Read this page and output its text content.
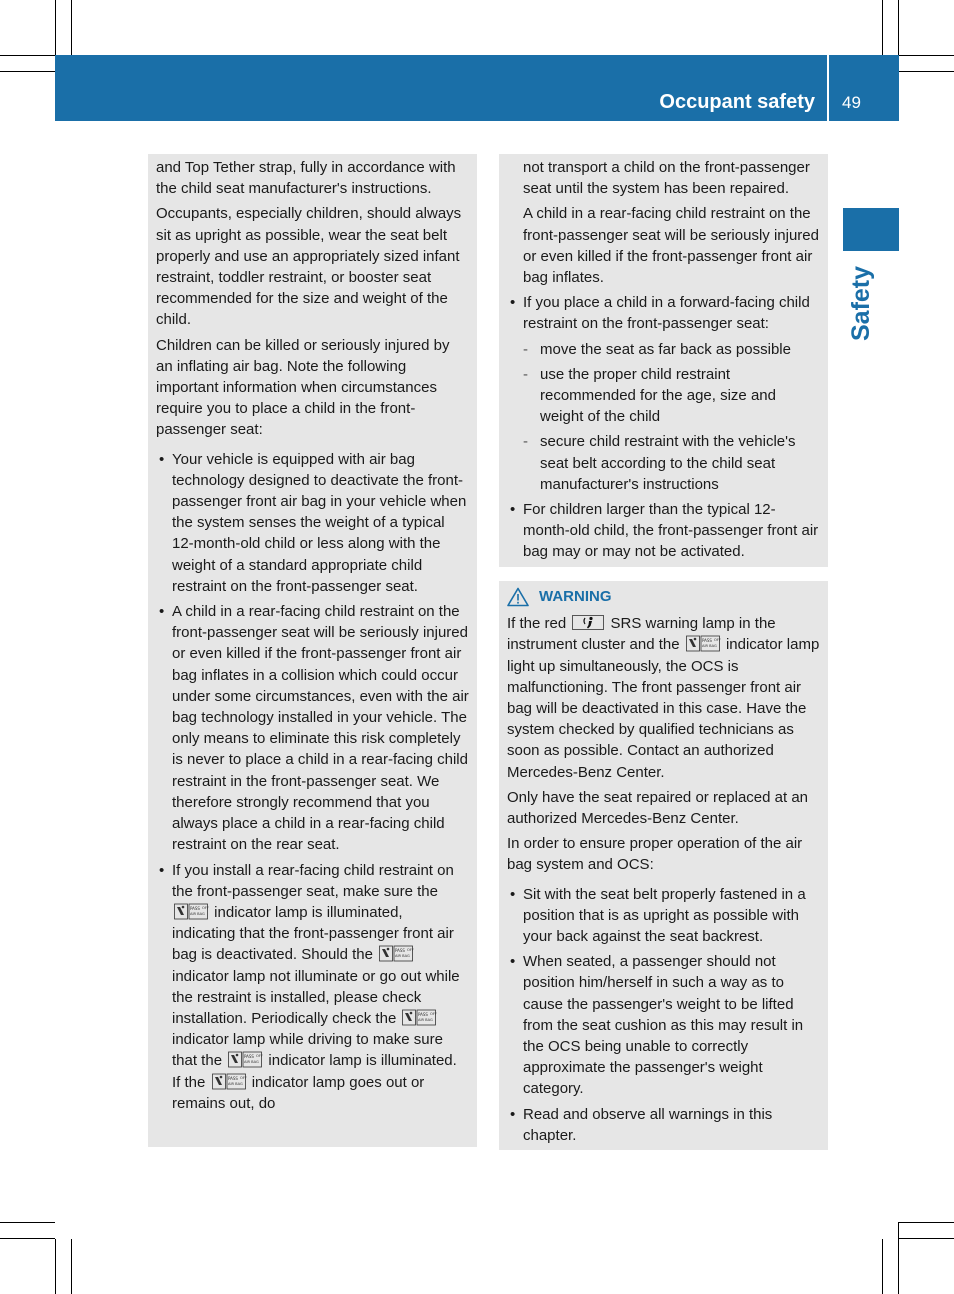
Occupant safety 49
Safety

and Top Tether strap, fully in accordance with the child seat manufacturer's instructions.

Occupants, especially children, should always sit as upright as possible, wear the seat belt properly and use an appropriately sized infant restraint, toddler restraint, or booster seat recommended for the size and weight of the child.

Children can be killed or seriously injured by an inflating air bag. Note the following important information when circumstances require you to place a child in the front-passenger seat:

• Your vehicle is equipped with air bag technology designed to deactivate the front-passenger front air bag in your vehicle when the system senses the weight of a typical 12-month-old child or less along with the weight of a standard appropriate child restraint on the front-passenger seat.
• A child in a rear-facing child restraint on the front-passenger seat will be seriously injured or even killed if the front-passenger front air bag inflates in a collision which could occur under some circumstances, even with the air bag technology installed in your vehicle. The only means to eliminate this risk completely is never to place a child in a rear-facing child restraint in the front-passenger seat. We therefore strongly recommend that you always place a child in a rear-facing child restraint on the rear seat.
• If you install a rear-facing child restraint on the front-passenger seat, make sure the
PASS
AIR BAG
OFF indicator lamp is illuminated, indicating that the front-passenger front air bag is deactivated. Should the	PASS
AIR BAG
OFF
indicator lamp not illuminate or go out while the restraint is installed, please check installation. Periodically check the	PASS
AIR BAG
OFF
indicator lamp while driving to make sure that the	PASS
AIR BAG
OFF indicator lamp is illuminated. If the	PASS
AIR BAG
OFF indicator lamp goes out or remains out, do

not transport a child on the front-passenger seat until the system has been repaired.

A child in a rear-facing child restraint on the front-passenger seat will be seriously injured or even killed if the front-passenger front air bag inflates.

• If you place a child in a forward-facing child restraint on the front-passenger seat:
- move the seat as far back as possible
- use the proper child restraint recommended for the age, size and weight of the child
- secure child restraint with the vehicle's seat belt according to the child seat manufacturer's instructions
• For children larger than the typical 12-month-old child, the front-passenger front air bag may or may not be activated.
WARNING

If the red	SRS warning lamp in the instrument cluster and the	PASS
AIR BAG
OFF indicator lamp light up simultaneously, the OCS is malfunctioning. The front passenger front air bag will be deactivated in this case. Have the system checked by qualified technicians as soon as possible. Contact an authorized Mercedes-Benz Center.

Only have the seat repaired or replaced at an authorized Mercedes-Benz Center.

In order to ensure proper operation of the air bag system and OCS:

• Sit with the seat belt properly fastened in a position that is as upright as possible with your back against the seat backrest.
• When seated, a passenger should not position him/herself in such a way as to cause the passenger's weight to be lifted from the seat cushion as this may result in the OCS being unable to correctly approximate the passenger's weight category.
• Read and observe all warnings in this chapter.
